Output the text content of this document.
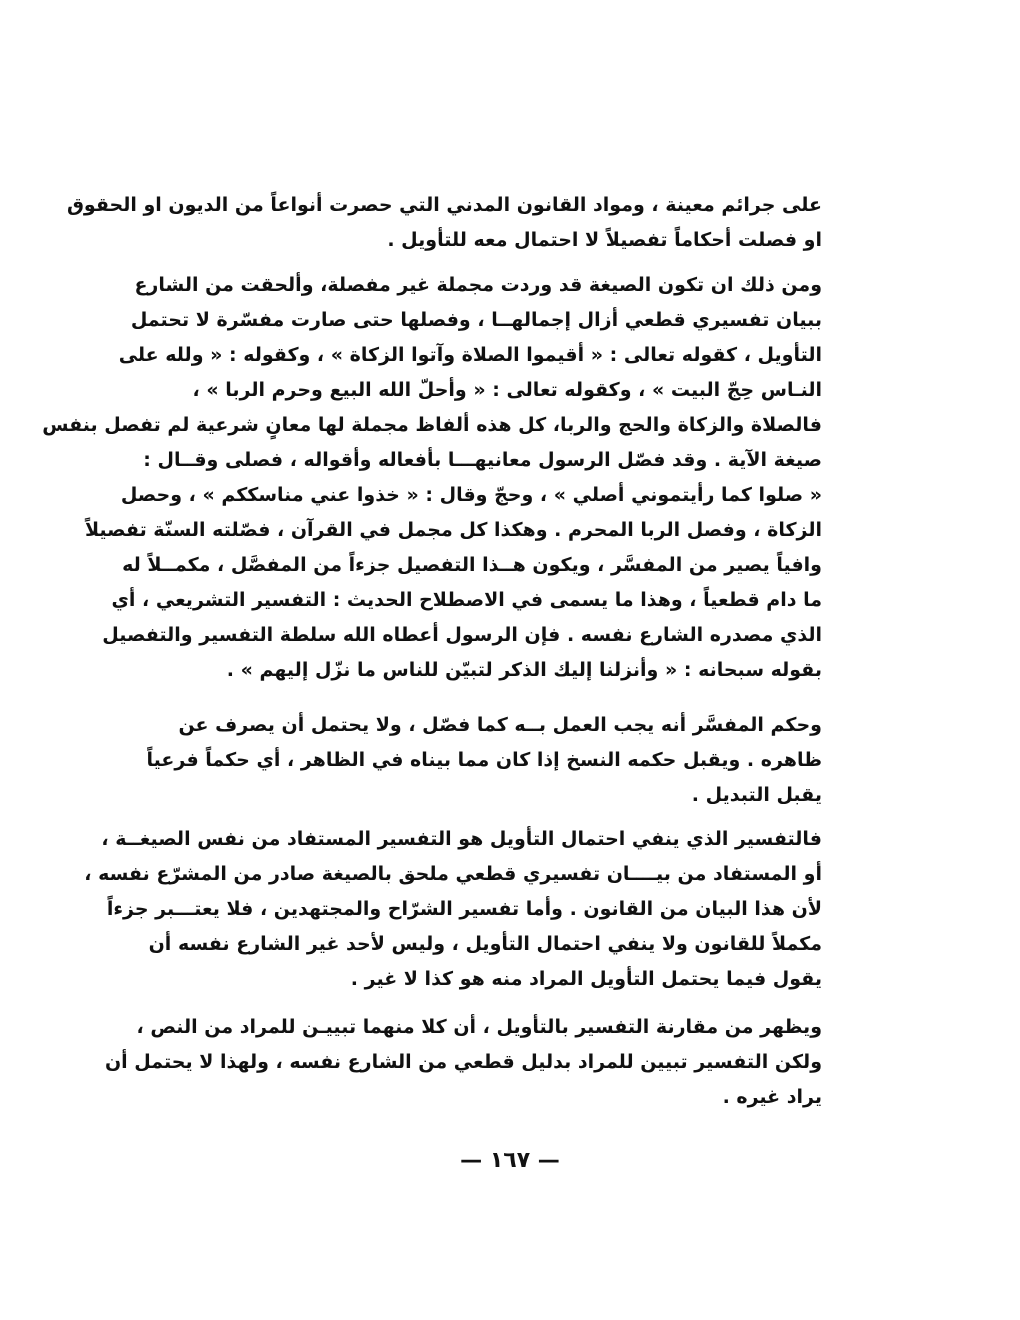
على جرائم معينة ، ومواد القانون المدني التي حصرت أنواعاً من الديون او الحقوق
او فصلت أحكاماً تفصيلاً لا احتمال معه للتأويل .
ومن ذلك ان تكون الصيغة قد وردت مجملة غير مفصلة، وألحقت من الشارع
ببيان تفسيري قطعي أزال إجمالهــا ، وفصلها حتى صارت مفسّرة لا تحتمل
التأويل ، كقوله تعالى : « أقيموا الصلاة وآتوا الزكاة » ، وكقوله : « ولله على
النـاس حِجّ البيت » ، وكقوله تعالى : « وأحلّ الله البيع وحرم الربا » ،
فالصلاة والزكاة والحج والربا، كل هذه ألفاظ مجملة لها معانٍ شرعية لم تفصل بنفس
صيغة الآية . وقد فصّل الرسول معانيهـــا بأفعاله وأقواله ، فصلى وقــال :
« صلوا كما رأيتموني أصلي » ، وحجّ وقال : « خذوا عني مناسككم » ، وحصل
الزكاة ، وفصل الربا المحرم . وهكذا كل مجمل في القرآن ، فصّلته السنّة تفصيلاً
وافياً يصير من المفسَّر ، ويكون هــذا التفصيل جزءاً من المفصَّل ، مكمــلاً له
ما دام قطعياً ، وهذا ما يسمى في الاصطلاح الحديث : التفسير التشريعي ، أي
الذي مصدره الشارع نفسه . فإن الرسول أعطاه الله سلطة التفسير والتفصيل
بقوله سبحانه : « وأنزلنا إليك الذكر لتبيّن للناس ما نزّل إليهم » .
وحكم المفسَّر أنه يجب العمل بــه كما فصّل ، ولا يحتمل أن يصرف عن
ظاهره . ويقبل حكمه النسخ إذا كان مما بيناه في الظاهر ، أي حكماً فرعياً
يقبل التبديل .
فالتفسير الذي ينفي احتمال التأويل هو التفسير المستفاد من نفس الصيغــة ،
أو المستفاد من بيــــان تفسيري قطعي ملحق بالصيغة صادر من المشرّع نفسه ،
لأن هذا البيان من القانون . وأما تفسير الشرّاح والمجتهدين ، فلا يعتـــبر جزءاً
مكملاً للقانون ولا ينفي احتمال التأويل ، وليس لأحد غير الشارع نفسه أن
يقول فيما يحتمل التأويل المراد منه هو كذا لا غير .
ويظهر من مقارنة التفسير بالتأويل ، أن كلا منهما تبييـن للمراد من النص ،
ولكن التفسير تبيين للمراد بدليل قطعي من الشارع نفسه ، ولهذا لا يحتمل أن
يراد غيره .
— ١٦٧ —
